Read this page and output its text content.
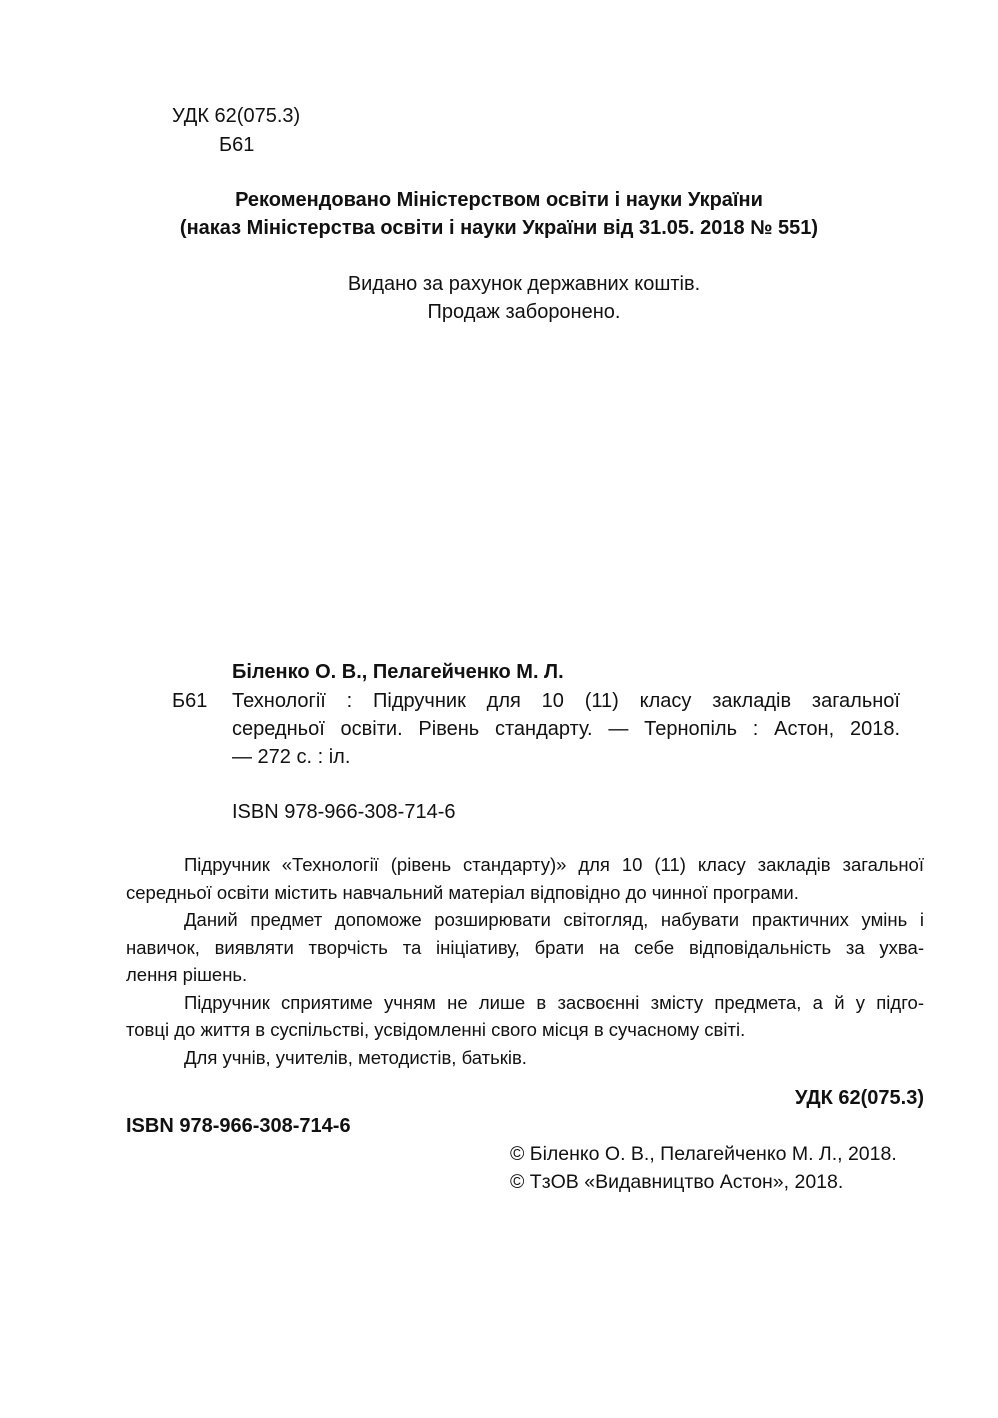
УДК 62(075.3)
Б61
Рекомендовано Міністерством освіти і науки України
(наказ Міністерства освіти і науки України від 31.05. 2018 № 551)
Видано за рахунок державних коштів.
Продаж заборонено.
Біленко О. В., Пелагейченко М. Л.
Б61 Технології : Підручник для 10 (11) класу закладів загальної
середньої освіти. Рівень стандарту. — Тернопіль : Астон, 2018.
— 272 с. : іл.
ISBN 978-966-308-714-6
Підручник «Технології (рівень стандарту)» для 10 (11) класу закладів загальної
середньої освіти містить навчальний матеріал відповідно до чинної програми.
Даний предмет допоможе розширювати світогляд, набувати практичних умінь і
навичок, виявляти творчість та ініціативу, брати на себе відповідальність за ухва-
лення рішень.
Підручник сприятиме учням не лише в засвоєнні змісту предмета, а й у підго-
товці до життя в суспільстві, усвідомленні свого місця в сучасному світі.
Для учнів, учителів, методистів, батьків.
УДК 62(075.3)
ISBN 978-966-308-714-6
© Біленко О. В., Пелагейченко М. Л., 2018.
© ТзОВ «Видавництво Астон», 2018.
